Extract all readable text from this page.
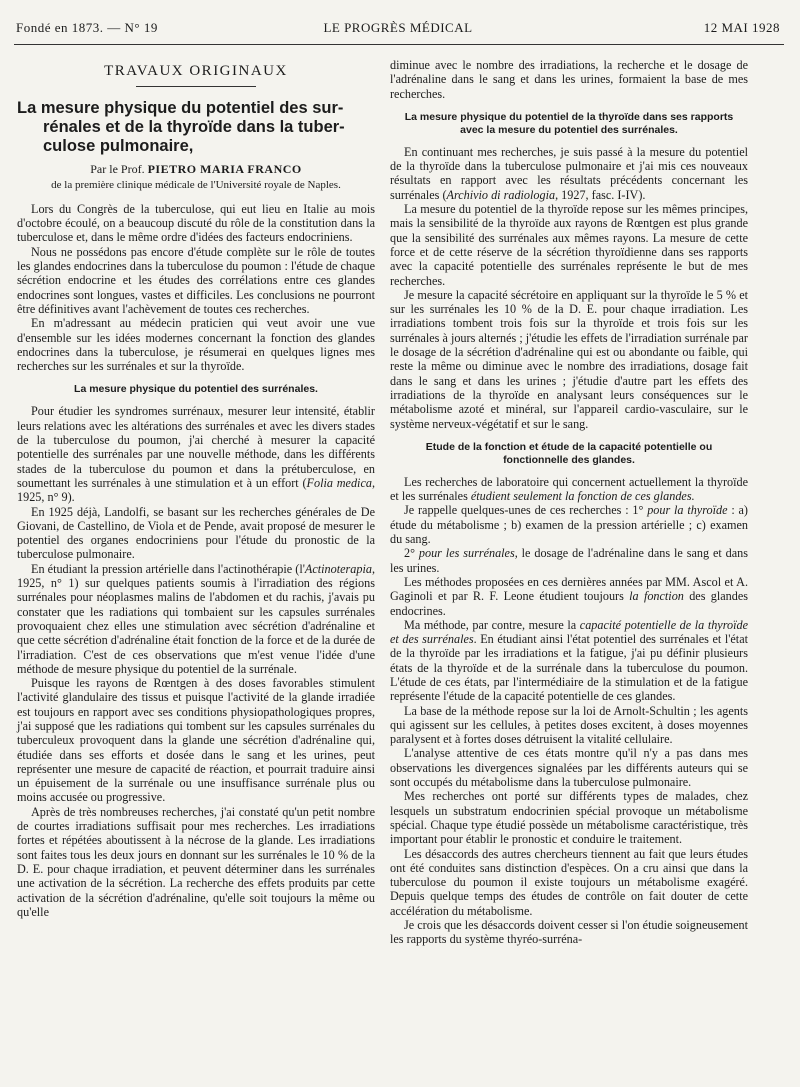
Fondé en 1873. — N° 19	LE PROGRÈS MÉDICAL	12 MAI 1928

TRAVAUX ORIGINAUX

La mesure physique du potentiel des sur-
rénales et de la thyroïde dans la tuber-
culose pulmonaire,

Par le Prof. PIETRO MARIA FRANCO

de la première clinique médicale de l'Université royale de Naples.

Lors du Congrès de la tuberculose, qui eut lieu en Italie au mois d'octobre écoulé, on a beaucoup discuté du rôle de la constitution dans la tuberculose et, dans le même ordre d'idées des facteurs endocriniens.

Nous ne possédons pas encore d'étude complète sur le rôle de toutes les glandes endocrines dans la tuberculose du poumon : l'étude de chaque sécrétion endocrine et les études des corrélations entre ces glandes endocrines sont longues, vastes et difficiles. Les conclusions ne pourront être définitives avant l'achèvement de toutes ces recherches.

En m'adressant au médecin praticien qui veut avoir une vue d'ensemble sur les idées modernes concernant la fonction des glandes endocrines dans la tuberculose, je résumerai en quelques lignes mes recherches sur les surrénales et sur la thyroïde.

La mesure physique du potentiel des surrénales.

Pour étudier les syndromes surrénaux, mesurer leur intensité, établir leurs relations avec les altérations des surrénales et avec les divers stades de la tuberculose du poumon, j'ai cherché à mesurer la capacité potentielle des surrénales par une nouvelle méthode, dans les différents stades de la tuberculose du poumon et dans la prétuberculose, en soumettant les surrénales à une stimulation et à un effort (Folia medica, 1925, n° 9).

En 1925 déjà, Landolfi, se basant sur les recherches générales de De Giovani, de Castellino, de Viola et de Pende, avait proposé de mesurer le potentiel des organes endocriniens pour l'étude du pronostic de la tuberculose pulmonaire.

En étudiant la pression artérielle dans l'actinothérapie (l'Actinoterapia, 1925, n° 1) sur quelques patients soumis à l'irradiation des régions surrénales pour néoplasmes malins de l'abdomen et du rachis, j'avais pu constater que les radiations qui tombaient sur les capsules surrénales provoquaient chez elles une stimulation avec sécrétion d'adrénaline et que cette sécrétion d'adrénaline était fonction de la force et de la durée de l'irradiation. C'est de ces observations que m'est venue l'idée d'une méthode de mesure physique du potentiel de la surrénale.

Puisque les rayons de Rœntgen à des doses favorables stimulent l'activité glandulaire des tissus et puisque l'activité de la glande irradiée est toujours en rapport avec ses conditions physiopathologiques propres, j'ai supposé que les radiations qui tombent sur les capsules surrénales du tuberculeux provoquent dans la glande une sécrétion d'adrénaline qui, étudiée dans ses efforts et dosée dans le sang et les urines, peut représenter une mesure de capacité de réaction, et pourrait traduire ainsi un épuisement de la surrénale ou une insuffisance surrénale plus ou moins accusée ou progressive.

Après de très nombreuses recherches, j'ai constaté qu'un petit nombre de courtes irradiations suffisait pour mes recherches. Les irradiations fortes et répétées aboutissent à la nécrose de la glande. Les irradiations sont faites tous les deux jours en donnant sur les surrénales le 10 % de la D. E. pour chaque irradiation, et peuvent déterminer dans les surrénales une activation de la sécrétion. La recherche des effets produits par cette activation de la sécrétion d'adrénaline, qu'elle soit toujours la même ou qu'elle

diminue avec le nombre des irradiations, la recherche et le dosage de l'adrénaline dans le sang et dans les urines, formaient la base de mes recherches.

La mesure physique du potentiel de la thyroïde dans ses rapports avec la mesure du potentiel des surrénales.

En continuant mes recherches, je suis passé à la mesure du potentiel de la thyroïde dans la tuberculose pulmonaire et j'ai mis ces nouveaux résultats en rapport avec les résultats précédents concernant les surrénales (Archivio di radiologia, 1927, fasc. I-IV).

La mesure du potentiel de la thyroïde repose sur les mêmes principes, mais la sensibilité de la thyroïde aux rayons de Rœntgen est plus grande que la sensibilité des surrénales aux mêmes rayons. La mesure de cette force et de cette réserve de la sécrétion thyroïdienne dans ses rapports avec la capacité potentielle des surrénales représente le but de mes recherches.

Je mesure la capacité sécrétoire en appliquant sur la thyroïde le 5 % et sur les surrénales les 10 % de la D. E. pour chaque irradiation. Les irradiations tombent trois fois sur la thyroïde et trois fois sur les surrénales à jours alternés ; j'étudie les effets de l'irradiation surrénale par le dosage de la sécrétion d'adrénaline qui est ou abondante ou faible, qui reste la même ou diminue avec le nombre des irradiations, dosage fait dans le sang et dans les urines ; j'étudie d'autre part les effets des irradiations de la thyroïde en analysant leurs conséquences sur le métabolisme azoté et minéral, sur l'appareil cardio-vasculaire, sur le système nerveux-végétatif et sur le sang.

Etude de la fonction et étude de la capacité potentielle ou fonctionnelle des glandes.

Les recherches de laboratoire qui concernent actuellement la thyroïde et les surrénales étudient seulement la fonction de ces glandes.

Je rappelle quelques-unes de ces recherches : 1° pour la thyroïde : a) étude du métabolisme ; b) examen de la pression artérielle ; c) examen du sang.

2° pour les surrénales, le dosage de l'adrénaline dans le sang et dans les urines.

Les méthodes proposées en ces dernières années par MM. Ascol et A. Gaginoli et par R. F. Leone étudient toujours la fonction des glandes endocrines.

Ma méthode, par contre, mesure la capacité potentielle de la thyroïde et des surrénales. En étudiant ainsi l'état potentiel des surrénales et l'état de la thyroïde par les irradiations et la fatigue, j'ai pu définir plusieurs états de la thyroïde et de la surrénale dans la tuberculose du poumon. L'étude de ces états, par l'intermédiaire de la stimulation et de la fatigue représente l'étude de la capacité potentielle de ces glandes.

La base de la méthode repose sur la loi de Arnolt-Schultin ; les agents qui agissent sur les cellules, à petites doses excitent, à doses moyennes paralysent et à fortes doses détruisent la vitalité cellulaire.

L'analyse attentive de ces états montre qu'il n'y a pas dans mes observations les divergences signalées par les différents auteurs qui se sont occupés du métabolisme dans la tuberculose pulmonaire.

Mes recherches ont porté sur différents types de malades, chez lesquels un substratum endocrinien spécial provoque un métabolisme spécial. Chaque type étudié possède un métabolisme caractéristique, très important pour établir le pronostic et conduire le traitement.

Les désaccords des autres chercheurs tiennent au fait que leurs études ont été conduites sans distinction d'espèces. On a cru ainsi que dans la tuberculose du poumon il existe toujours un métabolisme exagéré. Depuis quelque temps des études de contrôle on fait douter de cette accélération du métabolisme.

Je crois que les désaccords doivent cesser si l'on étudie soigneusement les rapports du système thyréo-surréna-
